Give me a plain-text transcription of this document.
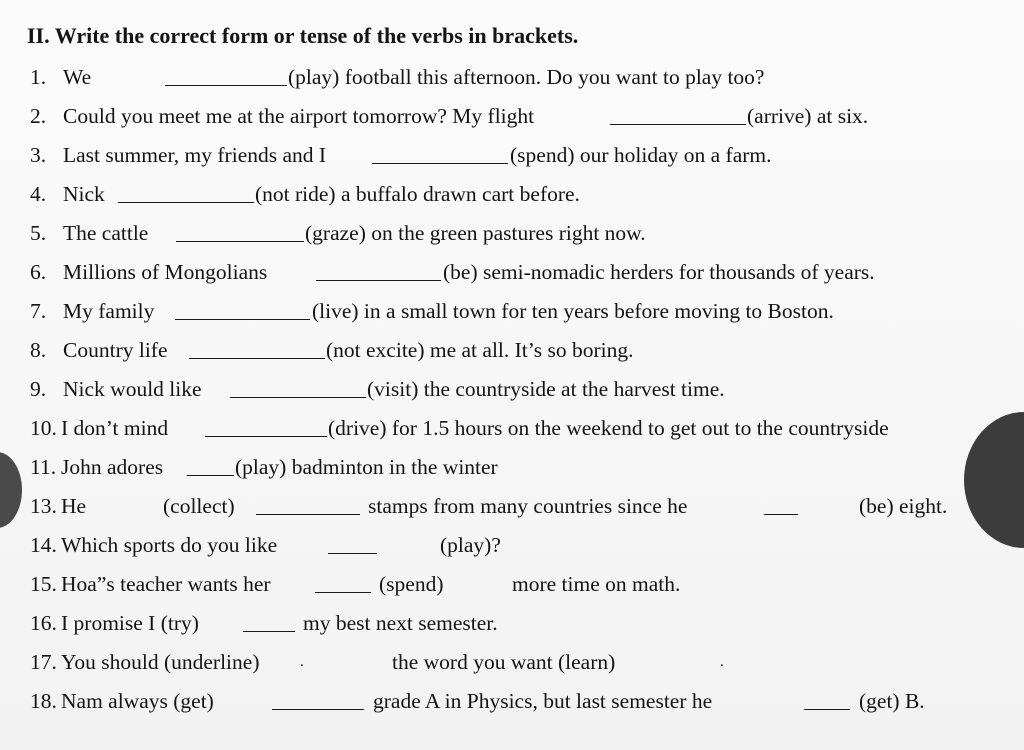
II. Write the correct form or tense of the verbs in brackets.
1. We	(play) football this afternoon. Do you want to play too?
2. Could you meet me at the airport tomorrow? My flight	(arrive) at six.
3. Last summer, my friends and I	(spend) our holiday on a farm.
4. Nick	(not ride) a buffalo drawn cart before.
5. The cattle	(graze) on the green pastures right now.
6. Millions of Mongolians	(be) semi-nomadic herders for thousands of years.
7. My family	(live) in a small town for ten years before moving to Boston.
8. Country life	(not excite) me at all. It’s so boring.
9. Nick would like	(visit) the countryside at the harvest time.
10. I don’t mind	(drive) for 1.5 hours on the weekend to get out to the countryside
11. John adores	(play) badminton in the winter
13. He	(collect)	stamps from many countries since he	(be) eight.
14. Which sports do you like	(play)?
15. Hoa”s teacher wants her	(spend)	more time on math.
16. I promise I (try)	my best next semester.
17. You should (underline)	.	the word you want (learn)	.
18. Nam always (get)	grade A in Physics, but last semester he	(get) B.
